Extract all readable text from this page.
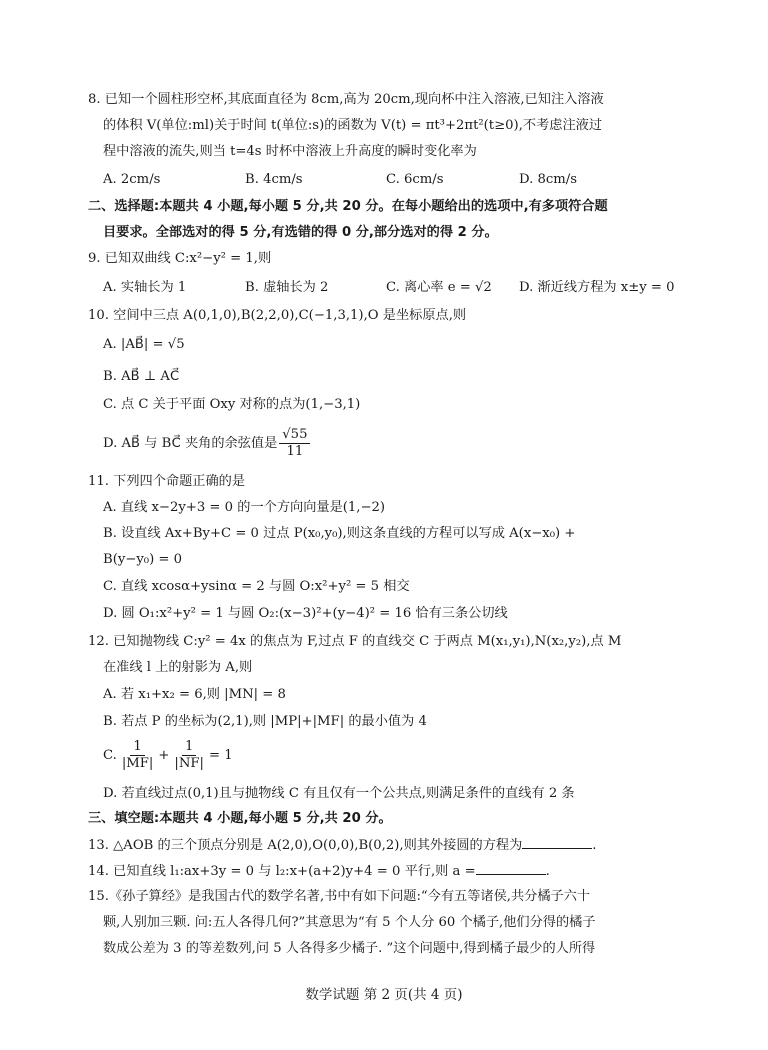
8. 已知一个圆柱形空杯,其底面直径为 8cm,高为 20cm,现向杯中注入溶液,已知注入溶液
的体积 V(单位:ml)关于时间 t(单位:s)的函数为 V(t) = πt³+2πt²(t≥0),不考虑注液过
程中溶液的流失,则当 t=4s 时杯中溶液上升高度的瞬时变化率为
A. 2cm/s	B. 4cm/s	C. 6cm/s	D. 8cm/s
二、选择题:本题共 4 小题,每小题 5 分,共 20 分。在每小题给出的选项中,有多项符合题
目要求。全部选对的得 5 分,有选错的得 0 分,部分选对的得 2 分。
9. 已知双曲线 C:x²−y² = 1,则
A. 实轴长为 1	B. 虚轴长为 2	C. 离心率 e = √2 D. 渐近线方程为 x±y = 0
10. 空间中三点 A(0,1,0),B(2,2,0),C(−1,3,1),O 是坐标原点,则
A. |AB⃗| = √5
B. AB⃗ ⊥ AC⃗
C. 点 C 关于平面 Oxy 对称的点为(1,−3,1)
D. AB⃗ 与 BC⃗ 夹角的余弦值是 $\frac{√55}{11}$
11. 下列四个命题正确的是
A. 直线 x−2y+3 = 0 的一个方向向量是(1,−2)
B. 设直线 Ax+By+C = 0 过点 P(x₀,y₀),则这条直线的方程可以写成 A(x−x₀) +
B(y−y₀) = 0
C. 直线 xcosα+ysinα = 2 与圆 O:x²+y² = 5 相交
D. 圆 O₁:x²+y² = 1 与圆 O₂:(x−3)²+(y−4)² = 16 恰有三条公切线
12. 已知抛物线 C:y² = 4x 的焦点为 F,过点 F 的直线交 C 于两点 M(x₁,y₁),N(x₂,y₂),点 M
在准线 l 上的射影为 A,则
A. 若 x₁+x₂ = 6,则 |MN| = 8
B. 若点 P 的坐标为(2,1),则 |MP|+|MF| 的最小值为 4
C. $\frac{1}{|MF|} + \frac{1}{|NF|} = 1$
D. 若直线过点(0,1)且与抛物线 C 有且仅有一个公共点,则满足条件的直线有 2 条
三、填空题:本题共 4 小题,每小题 5 分,共 20 分。
13. △AOB 的三个顶点分别是 A(2,0),O(0,0),B(0,2),则其外接圆的方程为	.
14. 已知直线 l₁:ax+3y = 0 与 l₂:x+(a+2)y+4 = 0 平行,则 a =	.
15.《孙子算经》是我国古代的数学名著,书中有如下问题:“今有五等诸侯,共分橘子六十
颗,人别加三颗. 问:五人各得几何?”其意思为“有 5 个人分 60 个橘子,他们分得的橘子
数成公差为 3 的等差数列,问 5 人各得多少橘子. ”这个问题中,得到橘子最少的人所得
数学试题 第 2 页(共 4 页)
